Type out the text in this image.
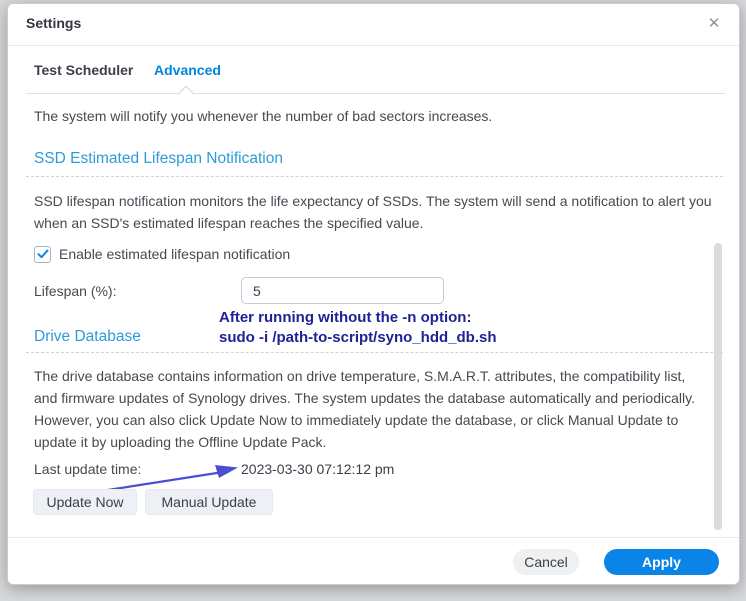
Settings	✕
Test Scheduler Advanced
The system will notify you whenever the number of bad sectors increases.
SSD Estimated Lifespan Notification
SSD lifespan notification monitors the life expectancy of SSDs. The system will send a notification to alert you when an SSD's estimated lifespan reaches the specified value.
Enable estimated lifespan notification
Lifespan (%):
5
Drive Database
After running without the -n option:
sudo -i /path-to-script/syno_hdd_db.sh
The drive database contains information on drive temperature, S.M.A.R.T. attributes, the compatibility list, and firmware updates of Synology drives. The system updates the database automatically and periodically. However, you can also click Update Now to immediately update the database, or click Manual Update to update it by uploading the Offline Update Pack.
Last update time:	2023-03-30 07:12:12 pm
Update Now	Manual Update
Cancel	Apply
